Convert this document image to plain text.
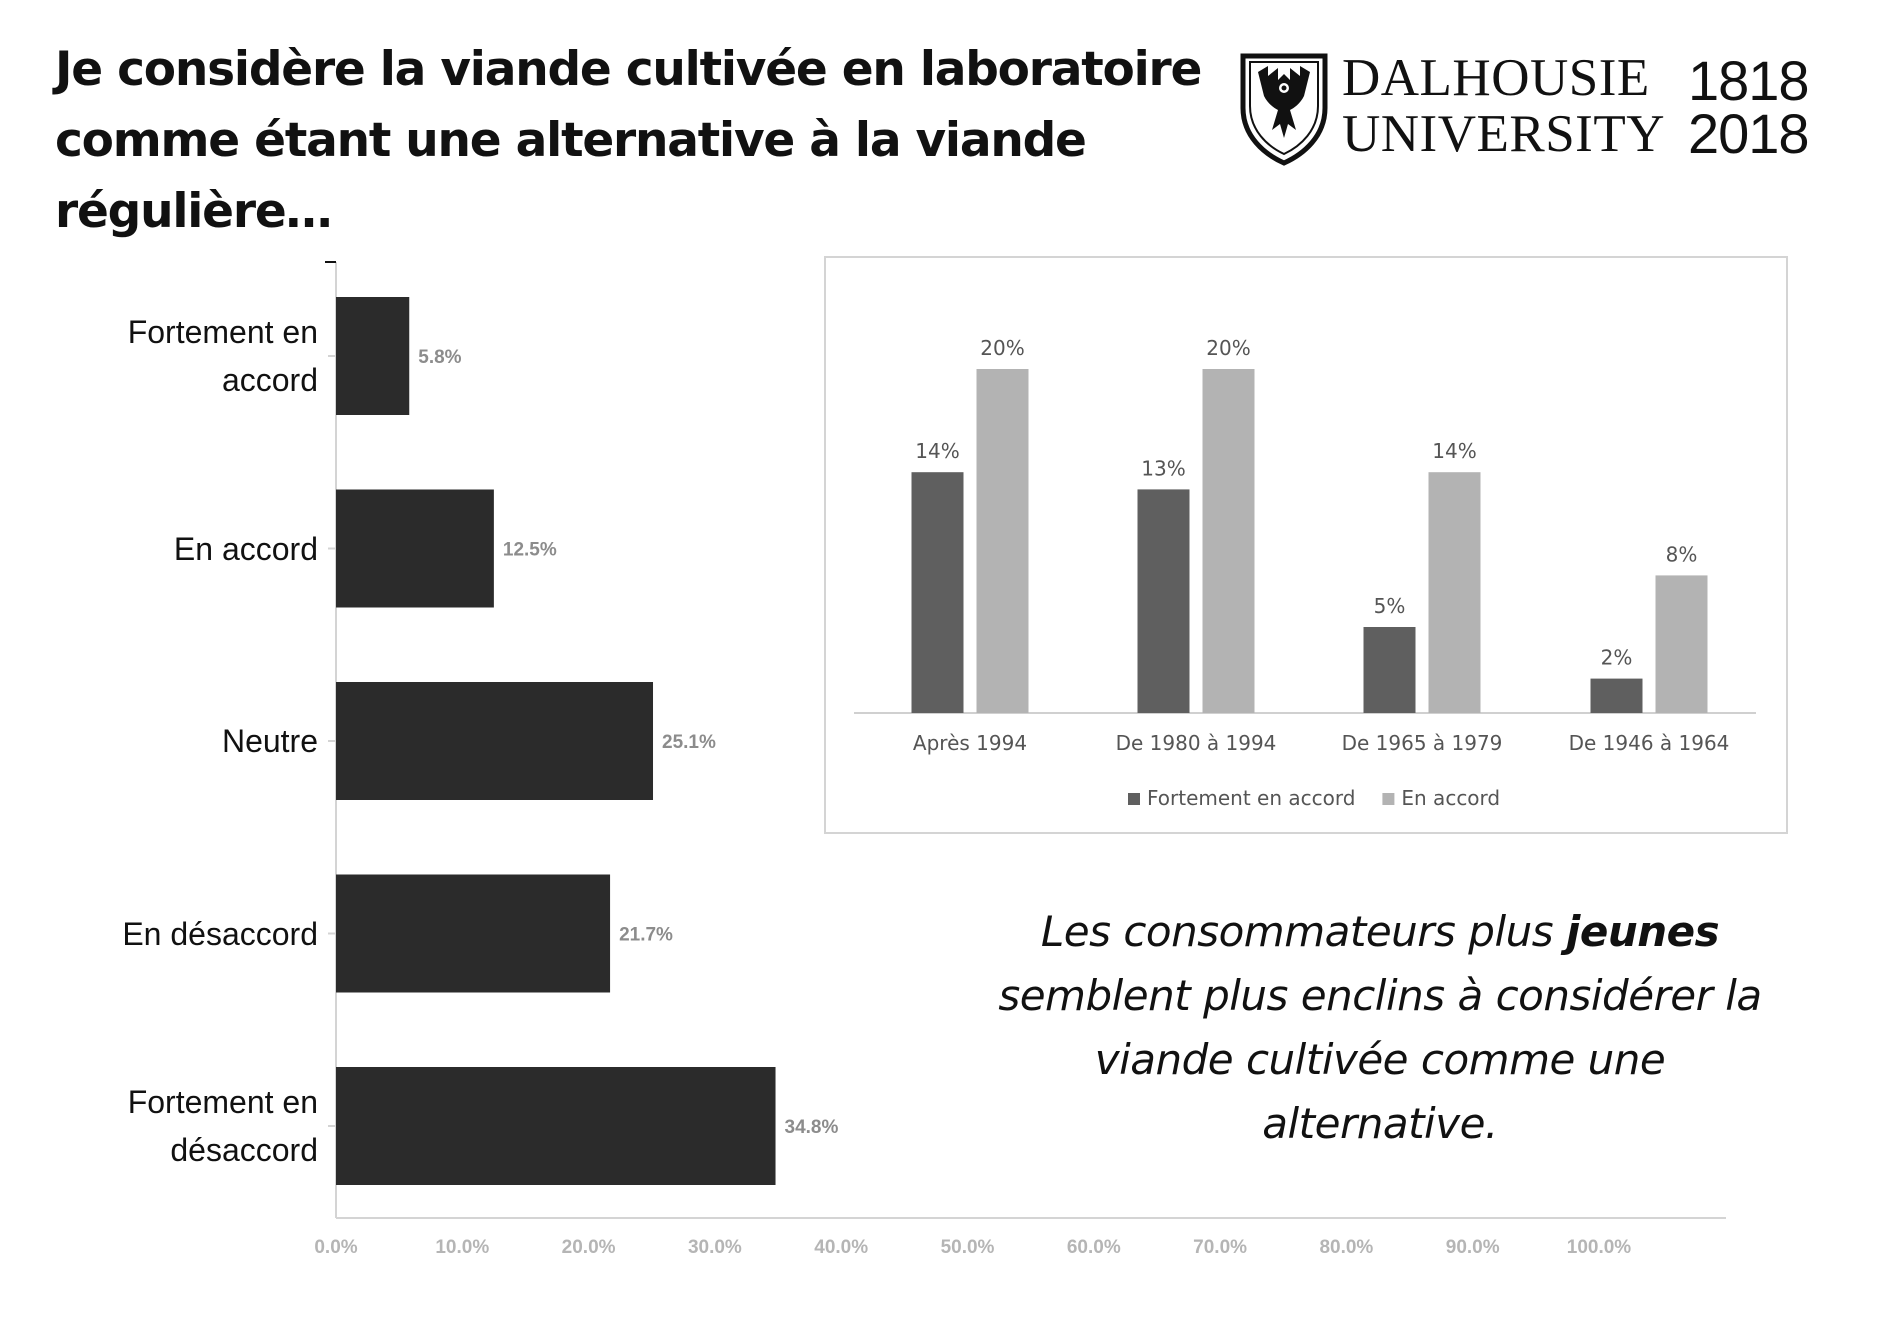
Je considère la viande cultivée en laboratoire comme étant une alternative à la viande régulière…
DALHOUSIE
UNIVERSITY
1818
2018
0.0%	10.0%	20.0%	30.0%	40.0%	50.0%	60.0%	70.0%	80.0%	90.0%	100.0%
5.8%
12.5%
25.1%
21.7%
34.8%
Fortement en accord
En accord
Neutre
En désaccord
Fortement en désaccord
14%
20%
Après 1994
13%
20%
De 1980 à 1994
5%
14%
De 1965 à 1979
2%
8%
De 1946 à 1964
Fortement en accord En accord
Les consommateurs plus jeunes semblent plus enclins à considérer la viande cultivée comme une alternative.
